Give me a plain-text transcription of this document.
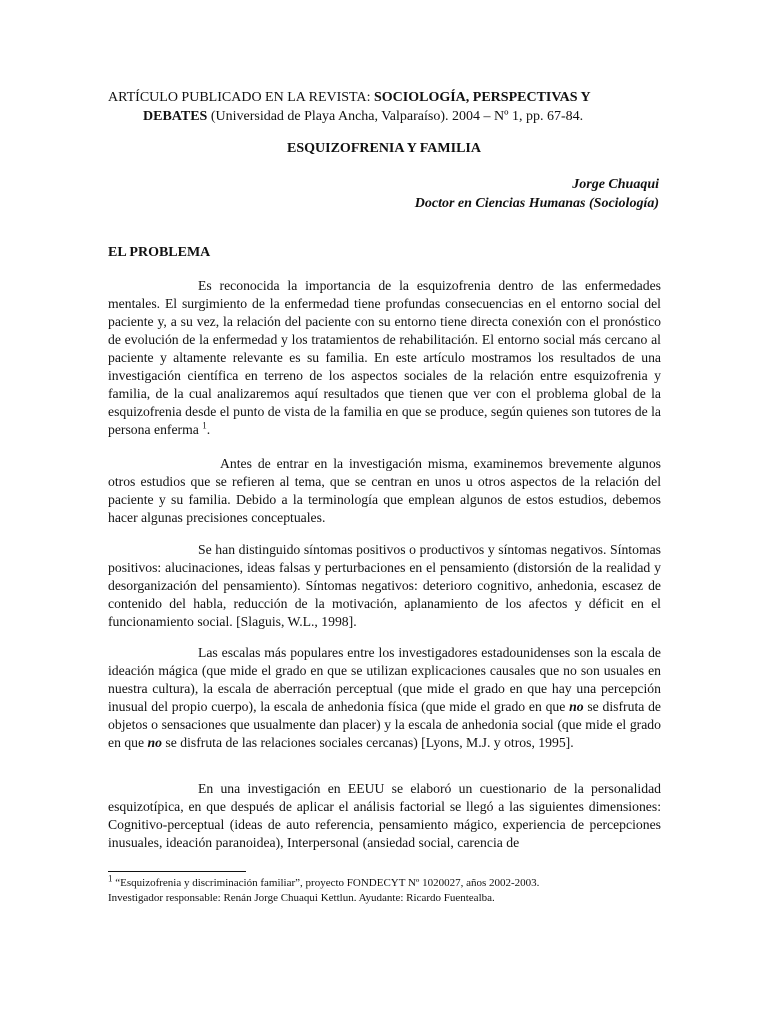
ARTÍCULO PUBLICADO EN LA REVISTA: SOCIOLOGÍA, PERSPECTIVAS Y
DEBATES (Universidad de Playa Ancha, Valparaíso). 2004 – Nº 1, pp. 67-84.
ESQUIZOFRENIA Y FAMILIA
Jorge Chuaqui
Doctor en Ciencias Humanas (Sociología)
EL PROBLEMA

Es reconocida la importancia de la esquizofrenia dentro de las enfermedades mentales. El surgimiento de la enfermedad tiene profundas consecuencias en el entorno social del paciente y, a su vez, la relación del paciente con su entorno tiene directa conexión con el pronóstico de evolución de la enfermedad y los tratamientos de rehabilitación. El entorno social más cercano al paciente y altamente relevante es su familia. En este artículo mostramos los resultados de una investigación científica en terreno de los aspectos sociales de la relación entre esquizofrenia y familia, de la cual analizaremos aquí resultados que tienen que ver con el problema global de la esquizofrenia desde el punto de vista de la familia en que se produce, según quienes son tutores de la persona enferma $^1$.

Antes de entrar en la investigación misma, examinemos brevemente algunos otros estudios que se refieren al tema, que se centran en unos u otros aspectos de la relación del paciente y su familia. Debido a la terminología que emplean algunos de estos estudios, debemos hacer algunas precisiones conceptuales.

Se han distinguido síntomas positivos o productivos y síntomas negativos. Síntomas positivos: alucinaciones, ideas falsas y perturbaciones en el pensamiento (distorsión de la realidad y desorganización del pensamiento). Síntomas negativos: deterioro cognitivo, anhedonia, escasez de contenido del habla, reducción de la motivación, aplanamiento de los afectos y déficit en el funcionamiento social. [Slaguis, W.L., 1998].

Las escalas más populares entre los investigadores estadounidenses son la escala de ideación mágica (que mide el grado en que se utilizan explicaciones causales que no son usuales en nuestra cultura), la escala de aberración perceptual (que mide el grado en que hay una percepción inusual del propio cuerpo), la escala de anhedonia física (que mide el grado en que no se disfruta de objetos o sensaciones que usualmente dan placer) y la escala de anhedonia social (que mide el grado en que no se disfruta de las relaciones sociales cercanas) [Lyons, M.J. y otros, 1995].

En una investigación en EEUU se elaboró un cuestionario de la personalidad esquizotípica, en que después de aplicar el análisis factorial se llegó a las siguientes dimensiones: Cognitivo-perceptual (ideas de auto referencia, pensamiento mágico, experiencia de percepciones inusuales, ideación paranoidea), Interpersonal (ansiedad social, carencia de

$^1$ “Esquizofrenia y discriminación familiar”, proyecto FONDECYT Nº 1020027, años 2002-2003.
Investigador responsable: Renán Jorge Chuaqui Kettlun. Ayudante: Ricardo Fuentealba.
